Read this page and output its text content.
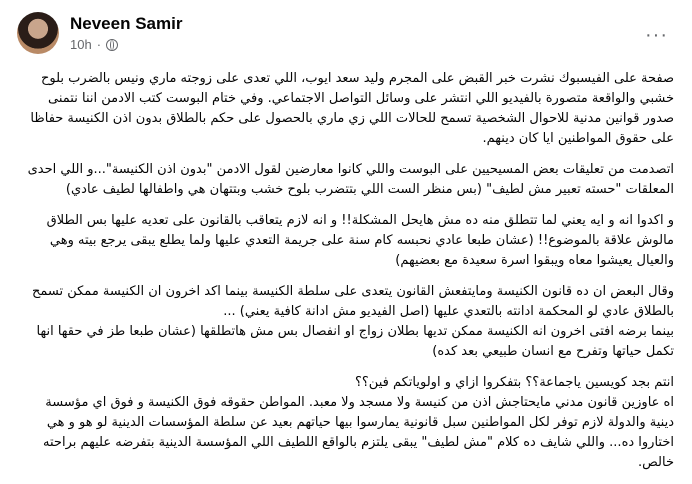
Neveen Samir
10h ·	···

صفحة على الفيسبوك نشرت خبر القبض على المجرم وليد سعد ايوب، اللي تعدى على زوجته ماري ونيس بالضرب بلوح
خشبي والواقعة متصورة بالفيديو اللي انتشر على وسائل التواصل الاجتماعي. وفي ختام البوست كتب الادمن اننا نتمنى
صدور قوانين مدنية للاحوال الشخصية تسمح للحالات اللي زي ماري بالحصول على حكم بالطلاق بدون اذن الكنيسة حفاظا
على حقوق المواطنين ايا كان دينهم.

اتصدمت من تعليقات بعض المسيحيين على البوست واللي كانوا معارضين لقول الادمن "بدون اذن الكنيسة"...و اللي احدى
المعلقات "حسته تعبير مش لطيف" (بس منظر الست اللي بتتضرب بلوح خشب وبتتهان هي واطفالها لطيف عادي)

و اكدوا انه و ايه يعني لما تتطلق منه ده مش هايحل المشكلة!! و انه لازم يتعاقب بالقانون على تعديه عليها بس الطلاق
مالوش علاقة بالموضوع!! (عشان طبعا عادي نحبسه كام سنة على جريمة التعدي عليها ولما يطلع يبقى يرجع بيته وهي
والعيال يعيشوا معاه ويبقوا اسرة سعيدة مع بعضيهم)

وقال البعض ان ده قانون الكنيسة ومايتفعش القانون يتعدى على سلطة الكنيسة بينما اكد اخرون ان الكنيسة ممكن تسمح
بالطلاق عادي لو المحكمة ادانته بالتعدي عليها (اصل الفيديو مش ادانة كافية يعني) ...
بينما برضه افتى اخرون انه الكنيسة ممكن تديها بطلان زواج او انفصال بس مش هاتطلقها (عشان طبعا طز في حقها انها
تكمل حياتها وتفرح مع انسان طبيعي بعد كده)

انتم بجد كويسين ياجماعة؟؟ بتفكروا ازاي و اولوياتكم فين؟؟
اه عاوزين قانون مدني مايحتاجش اذن من كنيسة ولا مسجد ولا معبد. المواطن حقوقه فوق الكنيسة و فوق اي مؤسسة
دينية والدولة لازم توفر لكل المواطنين سبل قانونية يمارسوا بيها حياتهم بعيد عن سلطة المؤسسات الدينية لو هو و هي
اختاروا ده... واللي شايف ده كلام "مش لطيف" يبقى يلتزم بالواقع اللطيف اللي المؤسسة الدينية بتفرضه عليهم براحته
خالص.
